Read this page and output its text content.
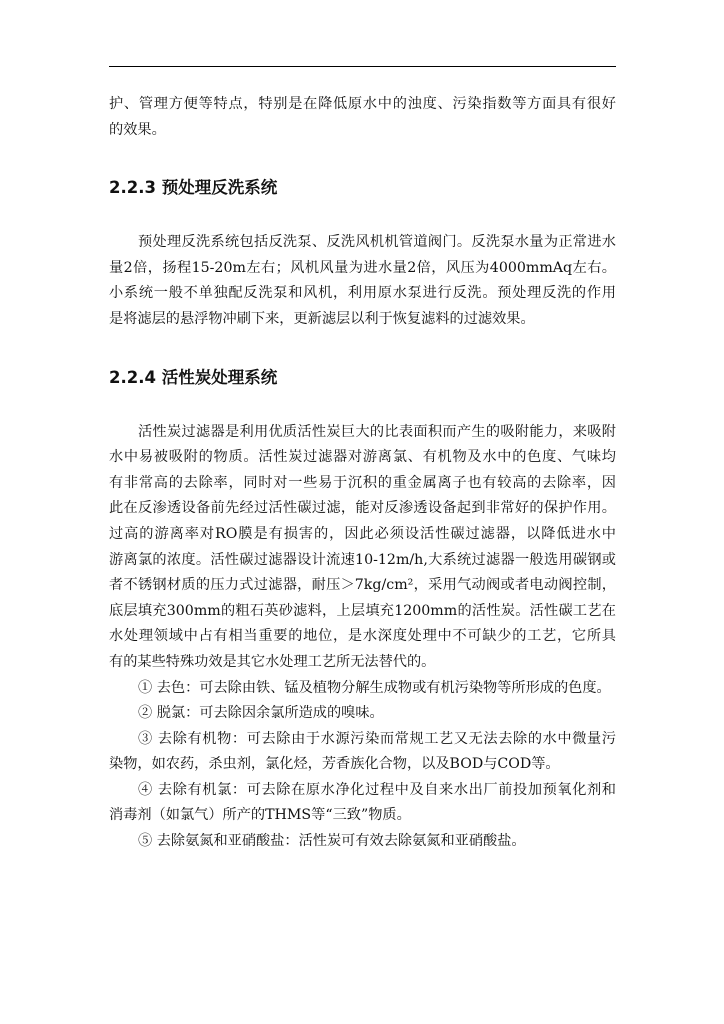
护、管理方便等特点，特别是在降低原水中的浊度、污染指数等方面具有很好
的效果。
2.2.3 预处理反洗系统
预处理反洗系统包括反洗泵、反洗风机机管道阀门。反洗泵水量为正常进水
量2倍，扬程15-20m左右；风机风量为进水量2倍，风压为4000mmAq左右。
小系统一般不单独配反洗泵和风机，利用原水泵进行反洗。预处理反洗的作用
是将滤层的悬浮物冲刷下来，更新滤层以利于恢复滤料的过滤效果。
2.2.4 活性炭处理系统
活性炭过滤器是利用优质活性炭巨大的比表面积而产生的吸附能力，来吸附
水中易被吸附的物质。活性炭过滤器对游离氯、有机物及水中的色度、气味均
有非常高的去除率，同时对一些易于沉积的重金属离子也有较高的去除率，因
此在反渗透设备前先经过活性碳过滤，能对反渗透设备起到非常好的保护作用。
过高的游离率对RO膜是有损害的，因此必须设活性碳过滤器，以降低进水中
游离氯的浓度。活性碳过滤器设计流速10-12m/h,大系统过滤器一般选用碳钢或
者不锈钢材质的压力式过滤器，耐压＞7kg/cm²，采用气动阀或者电动阀控制，
底层填充300mm的粗石英砂滤料，上层填充1200mm的活性炭。活性碳工艺在
水处理领域中占有相当重要的地位，是水深度处理中不可缺少的工艺，它所具
有的某些特殊功效是其它水处理工艺所无法替代的。
① 去色：可去除由铁、锰及植物分解生成物或有机污染物等所形成的色度。
② 脱氯：可去除因余氯所造成的嗅味。
③ 去除有机物：可去除由于水源污染而常规工艺又无法去除的水中微量污
染物，如农药，杀虫剂，氯化烃，芳香族化合物，以及BOD与COD等。
④ 去除有机氯：可去除在原水净化过程中及自来水出厂前投加预氧化剂和
消毒剂（如氯气）所产的THMS等“三致”物质。
⑤ 去除氨氮和亚硝酸盐：活性炭可有效去除氨氮和亚硝酸盐。
